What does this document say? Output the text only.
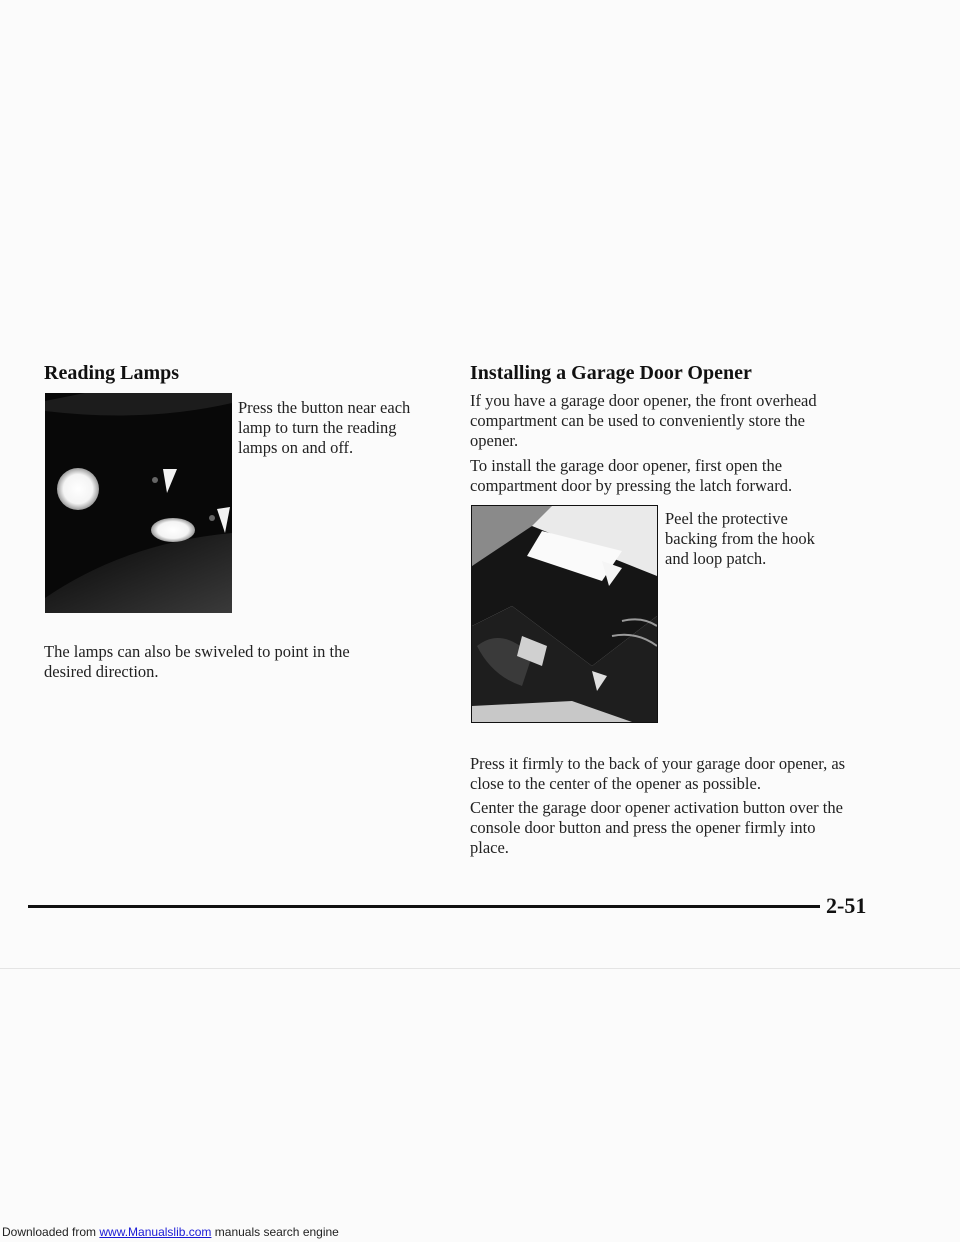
Reading Lamps

Press the button near each lamp to turn the reading lamps on and off.

The lamps can also be swiveled to point in the desired direction.

Installing a Garage Door Opener

If you have a garage door opener, the front overhead compartment can be used to conveniently store the opener.

To install the garage door opener, first open the compartment door by pressing the latch forward.

Peel the protective backing from the hook and loop patch.

Press it firmly to the back of your garage door opener, as close to the center of the opener as possible.

Center the garage door opener activation button over the console door button and press the opener firmly into place.

2-51
Downloaded from www.Manualslib.com manuals search engine
